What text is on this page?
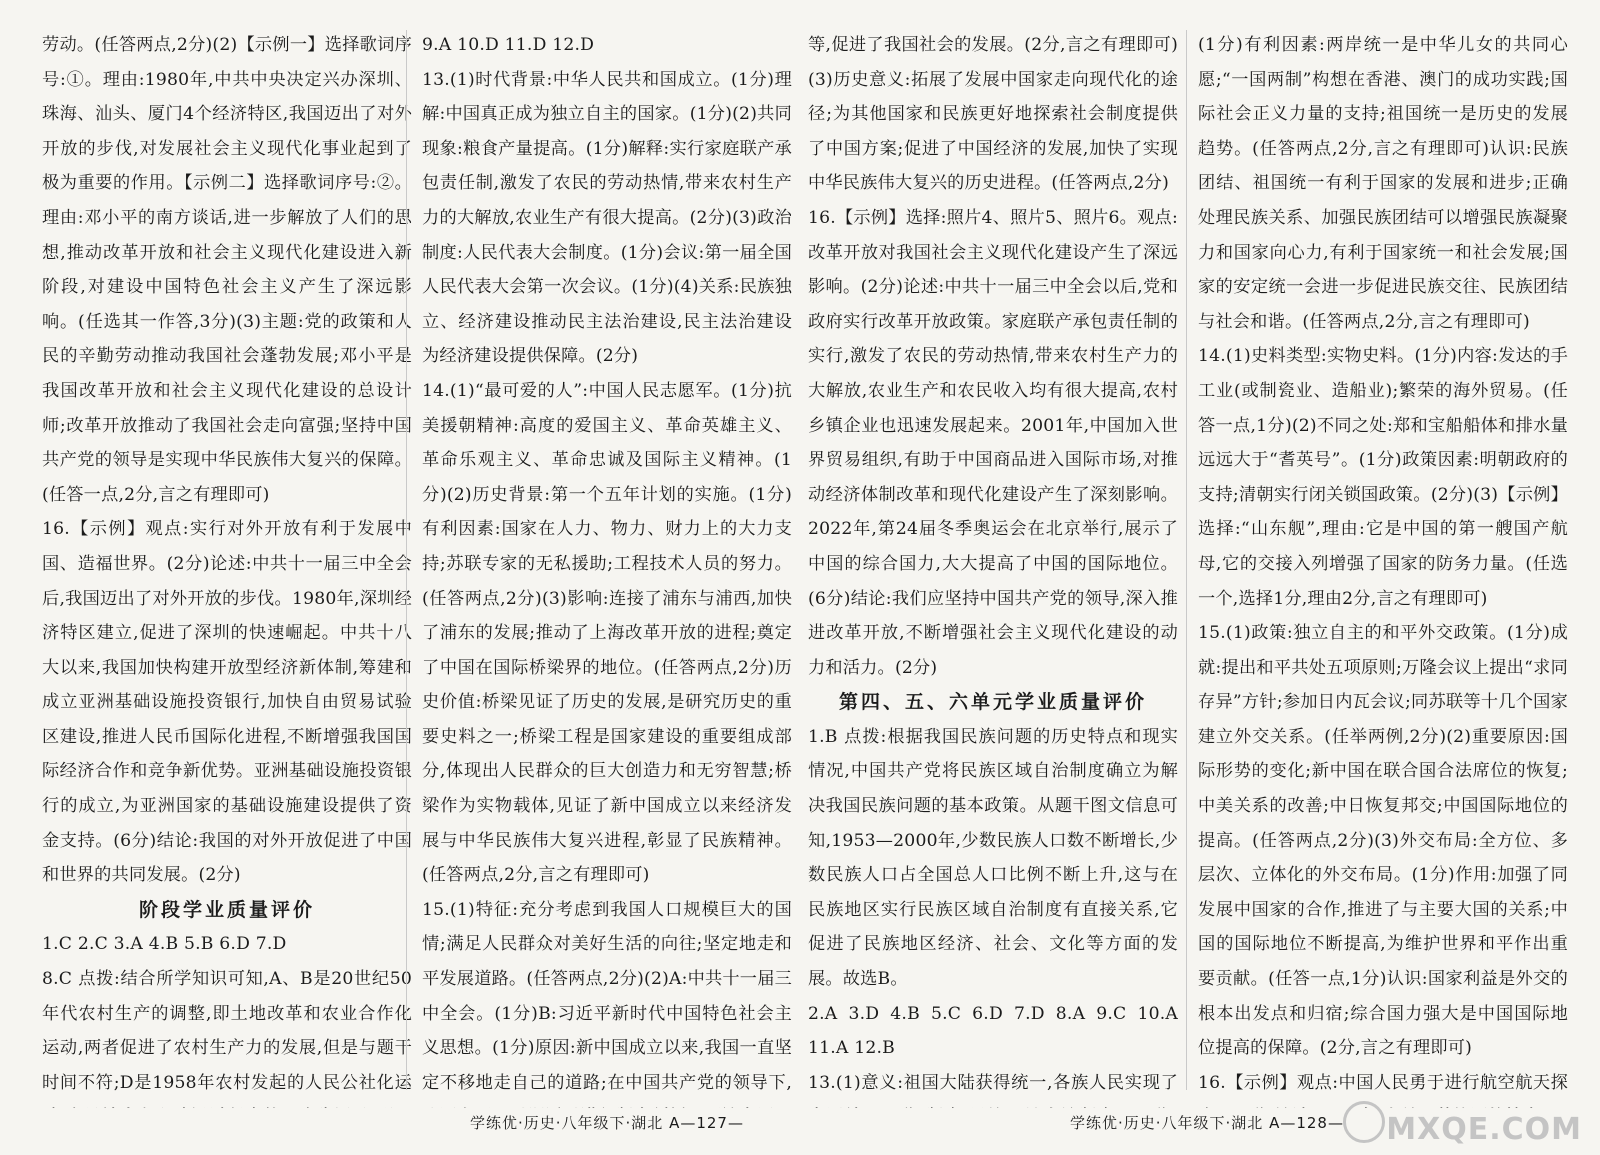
劳动。(任答两点,2分)(2)【示例一】选择歌词序号:①。理由:1980年,中共中央决定兴办深圳、珠海、汕头、厦门4个经济特区,我国迈出了对外开放的步伐,对发展社会主义现代化事业起到了极为重要的作用。【示例二】选择歌词序号:②。理由:邓小平的南方谈话,进一步解放了人们的思想,推动改革开放和社会主义现代化建设进入新阶段,对建设中国特色社会主义产生了深远影响。(任选其一作答,3分)(3)主题:党的政策和人民的辛勤劳动推动我国社会蓬勃发展;邓小平是我国改革开放和社会主义现代化建设的总设计师;改革开放推动了我国社会走向富强;坚持中国共产党的领导是实现中华民族伟大复兴的保障。(任答一点,2分,言之有理即可)

16.【示例】观点:实行对外开放有利于发展中国、造福世界。(2分)论述:中共十一届三中全会后,我国迈出了对外开放的步伐。1980年,深圳经济特区建立,促进了深圳的快速崛起。中共十八大以来,我国加快构建开放型经济新体制,筹建和成立亚洲基础设施投资银行,加快自由贸易试验区建设,推进人民币国际化进程,不断增强我国国际经济合作和竞争新优势。亚洲基础设施投资银行的成立,为亚洲国家的基础设施建设提供了资金支持。(6分)结论:我国的对外开放促进了中国和世界的共同发展。(2分)

阶段学业质量评价

1.C 2.C 3.A 4.B 5.B 6.D 7.D

8.C 点拨:结合所学知识可知,A、B是20世纪50年代农村生产的调整,即土地改革和农业合作化运动,两者促进了农村生产力的发展,但是与题干时间不符;D是1958年农村发起的人民公社化运

9.A 10.D 11.D 12.D

13.(1)时代背景:中华人民共和国成立。(1分)理解:中国真正成为独立自主的国家。(1分)(2)共同现象:粮食产量提高。(1分)解释:实行家庭联产承包责任制,激发了农民的劳动热情,带来农村生产力的大解放,农业生产有很大提高。(2分)(3)政治制度:人民代表大会制度。(1分)会议:第一届全国人民代表大会第一次会议。(1分)(4)关系:民族独立、经济建设推动民主法治建设,民主法治建设为经济建设提供保障。(2分)

14.(1)“最可爱的人”:中国人民志愿军。(1分)抗美援朝精神:高度的爱国主义、革命英雄主义、革命乐观主义、革命忠诚及国际主义精神。(1分)(2)历史背景:第一个五年计划的实施。(1分)有利因素:国家在人力、物力、财力上的大力支持;苏联专家的无私援助;工程技术人员的努力。(任答两点,2分)(3)影响:连接了浦东与浦西,加快了浦东的发展;推动了上海改革开放的进程;奠定了中国在国际桥梁界的地位。(任答两点,2分)历史价值:桥梁见证了历史的发展,是研究历史的重要史料之一;桥梁工程是国家建设的重要组成部分,体现出人民群众的巨大创造力和无穷智慧;桥梁作为实物载体,见证了新中国成立以来经济发展与中华民族伟大复兴进程,彰显了民族精神。(任答两点,2分,言之有理即可)

15.(1)特征:充分考虑到我国人口规模巨大的国情;满足人民群众对美好生活的向往;坚定地走和平发展道路。(任答两点,2分)(2)A:中共十一届三中全会。(1分)B:习近平新时代中国特色社会主义思想。(1分)原因:新中国成立以来,我国一直坚定不移地走自己的道路;在中国共产党的领导下,

学练优·历史·八年级下·湖北 A—127—

等,促进了我国社会的发展。(2分,言之有理即可)(3)历史意义:拓展了发展中国家走向现代化的途径;为其他国家和民族更好地探索社会制度提供了中国方案;促进了中国经济的发展,加快了实现中华民族伟大复兴的历史进程。(任答两点,2分)

16.【示例】选择:照片4、照片5、照片6。观点:改革开放对我国社会主义现代化建设产生了深远影响。(2分)论述:中共十一届三中全会以后,党和政府实行改革开放政策。家庭联产承包责任制的实行,激发了农民的劳动热情,带来农村生产力的大解放,农业生产和农民收入均有很大提高,农村乡镇企业也迅速发展起来。2001年,中国加入世界贸易组织,有助于中国商品进入国际市场,对推动经济体制改革和现代化建设产生了深刻影响。2022年,第24届冬季奥运会在北京举行,展示了中国的综合国力,大大提高了中国的国际地位。(6分)结论:我们应坚持中国共产党的领导,深入推进改革开放,不断增强社会主义现代化建设的动力和活力。(2分)

第四、五、六单元学业质量评价

1.B 点拨:根据我国民族问题的历史特点和现实情况,中国共产党将民族区域自治制度确立为解决我国民族问题的基本政策。从题干图文信息可知,1953—2000年,少数民族人口数不断增长,少数民族人口占全国总人口比例不断上升,这与在民族地区实行民族区域自治制度有直接关系,它促进了民族地区经济、社会、文化等方面的发展。故选B。

2.A 3.D 4.B 5.C 6.D 7.D 8.A 9.C 10.A 11.A 12.B

13.(1)意义:祖国大陆获得统一,各族人民实现了

(1分)有利因素:两岸统一是中华儿女的共同心愿;“一国两制”构想在香港、澳门的成功实践;国际社会正义力量的支持;祖国统一是历史的发展趋势。(任答两点,2分,言之有理即可)认识:民族团结、祖国统一有利于国家的发展和进步;正确处理民族关系、加强民族团结可以增强民族凝聚力和国家向心力,有利于国家统一和社会发展;国家的安定统一会进一步促进民族交往、民族团结与社会和谐。(任答两点,2分,言之有理即可)

14.(1)史料类型:实物史料。(1分)内容:发达的手工业(或制瓷业、造船业);繁荣的海外贸易。(任答一点,1分)(2)不同之处:郑和宝船船体和排水量远远大于“耆英号”。(1分)政策因素:明朝政府的支持;清朝实行闭关锁国政策。(2分)(3)【示例】选择:“山东舰”,理由:它是中国的第一艘国产航母,它的交接入列增强了国家的防务力量。(任选一个,选择1分,理由2分,言之有理即可)

15.(1)政策:独立自主的和平外交政策。(1分)成就:提出和平共处五项原则;万隆会议上提出“求同存异”方针;参加日内瓦会议;同苏联等十几个国家建立外交关系。(任举两例,2分)(2)重要原因:国际形势的变化;新中国在联合国合法席位的恢复;中美关系的改善;中日恢复邦交;中国国际地位的提高。(任答两点,2分)(3)外交布局:全方位、多层次、立体化的外交布局。(1分)作用:加强了同发展中国家的合作,推进了与主要大国的关系;中国的国际地位不断提高,为维护世界和平作出重要贡献。(任答一点,1分)认识:国家利益是外交的根本出发点和归宿;综合国力强大是中国国际地位提高的保障。(2分,言之有理即可)

16.【示例】观点:中国人民勇于进行航空航天探

学练优·历史·八年级下·湖北 A—128— MXQE.COM
